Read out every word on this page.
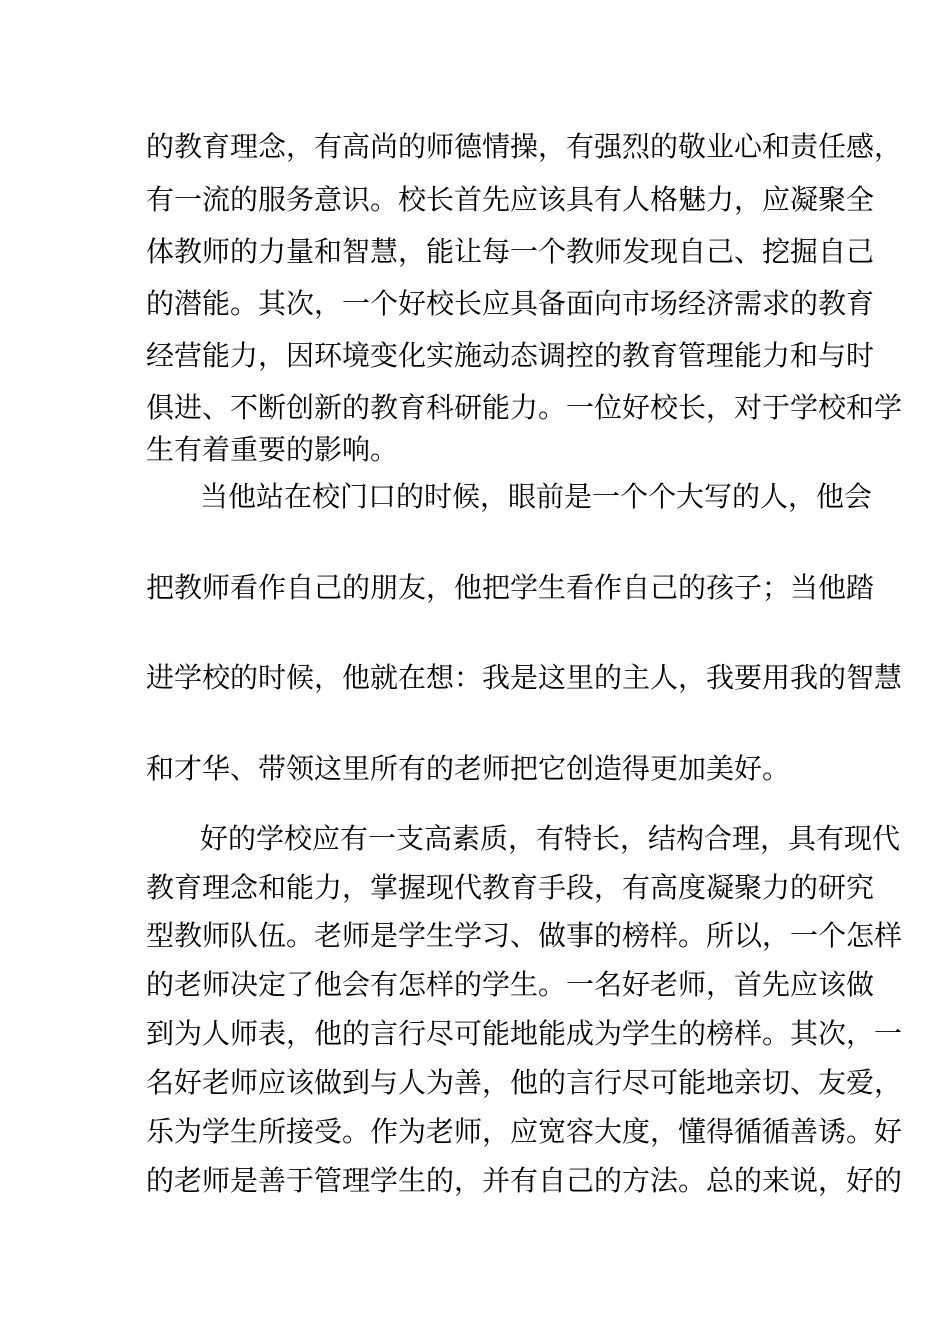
的教育理念，有高尚的师德情操，有强烈的敬业心和责任感，
有一流的服务意识。校长首先应该具有人格魅力，应凝聚全
体教师的力量和智慧，能让每一个教师发现自己、挖掘自己
的潜能。其次，一个好校长应具备面向市场经济需求的教育
经营能力，因环境变化实施动态调控的教育管理能力和与时
俱进、不断创新的教育科研能力。一位好校长，对于学校和学
生有着重要的影响。
当他站在校门口的时候，眼前是一个个大写的人，他会
把教师看作自己的朋友，他把学生看作自己的孩子；当他踏
进学校的时候，他就在想：我是这里的主人，我要用我的智慧
和才华、带领这里所有的老师把它创造得更加美好。
好的学校应有一支高素质，有特长，结构合理，具有现代
教育理念和能力，掌握现代教育手段，有高度凝聚力的研究
型教师队伍。老师是学生学习、做事的榜样。所以，一个怎样
的老师决定了他会有怎样的学生。一名好老师，首先应该做
到为人师表，他的言行尽可能地能成为学生的榜样。其次，一
名好老师应该做到与人为善，他的言行尽可能地亲切、友爱，
乐为学生所接受。作为老师，应宽容大度，懂得循循善诱。好
的老师是善于管理学生的，并有自己的方法。总的来说，好的
